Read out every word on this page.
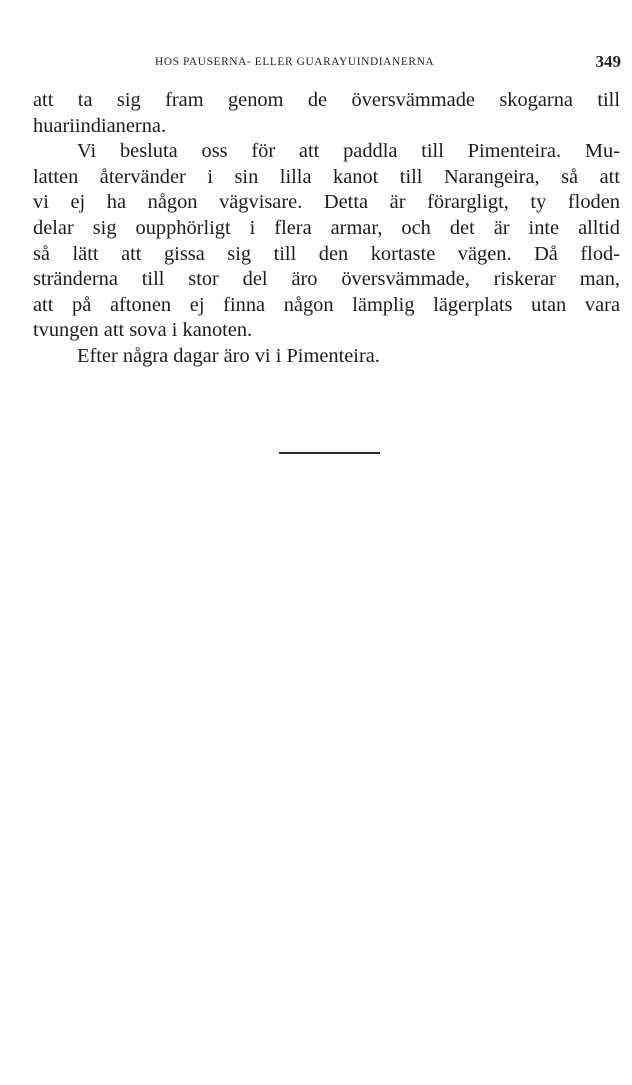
HOS PAUSERNA- ELLER GUARAYUINDIANERNA	349
att ta sig fram genom de översvämmade skogarna till
huariindianerna.
Vi besluta oss för att paddla till Pimenteira. Mu-
latten återvänder i sin lilla kanot till Narangeira, så att
vi ej ha någon vägvisare. Detta är förargligt, ty floden
delar sig oupphörligt i flera armar, och det är inte alltid
så lätt att gissa sig till den kortaste vägen. Då flod-
stränderna till stor del äro översvämmade, riskerar man,
att på aftonen ej finna någon lämplig lägerplats utan vara
tvungen att sova i kanoten.
Efter några dagar äro vi i Pimenteira.
